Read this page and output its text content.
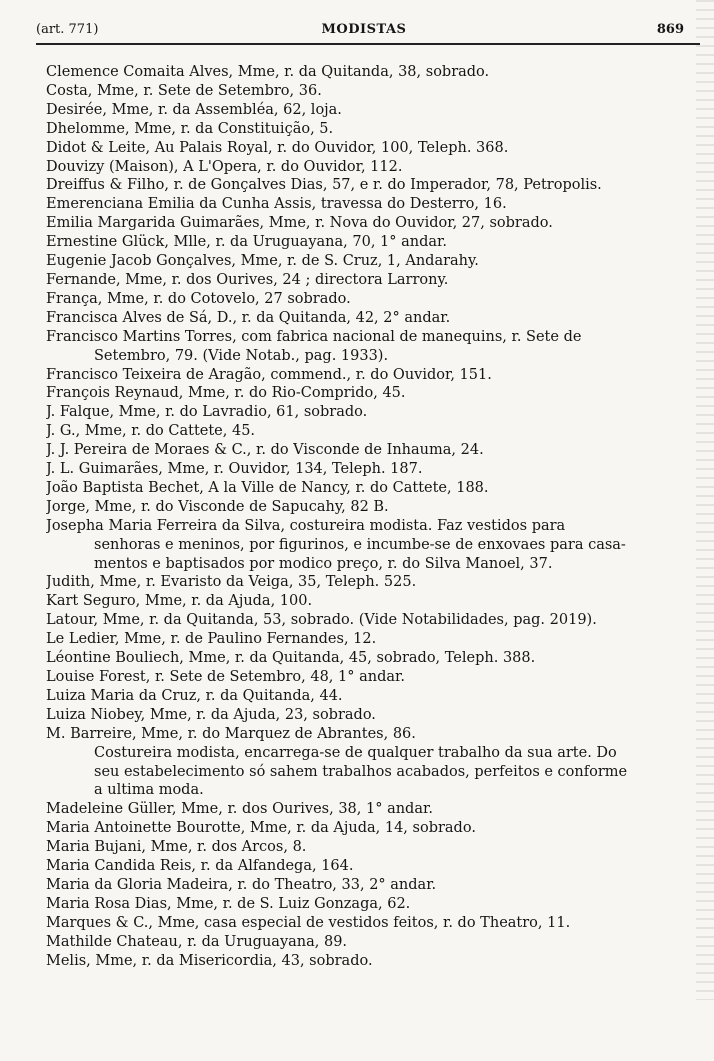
(art. 771)	MODISTAS	869
Clemence Comaita Alves, Mme, r. da Quitanda, 38, sobrado.
Costa, Mme, r. Sete de Setembro, 36.
Desirée, Mme, r. da Assembléa, 62, loja.
Dhelomme, Mme, r. da Constituição, 5.
Didot & Leite, Au Palais Royal, r. do Ouvidor, 100, Teleph. 368.
Douvizy (Maison), A L'Opera, r. do Ouvidor, 112.
Dreiffus & Filho, r. de Gonçalves Dias, 57, e r. do Imperador, 78, Petropolis.
Emerenciana Emilia da Cunha Assis, travessa do Desterro, 16.
Emilia Margarida Guimarães, Mme, r. Nova do Ouvidor, 27, sobrado.
Ernestine Glück, Mlle, r. da Uruguayana, 70, 1° andar.
Eugenie Jacob Gonçalves, Mme, r. de S. Cruz, 1, Andarahy.
Fernande, Mme, r. dos Ourives, 24 ; directora Larrony.
França, Mme, r. do Cotovelo, 27 sobrado.
Francisca Alves de Sá, D., r. da Quitanda, 42, 2° andar.
Francisco Martins Torres, com fabrica nacional de manequins, r. Sete de
Setembro, 79. (Vide Notab., pag. 1933).
Francisco Teixeira de Aragão, commend., r. do Ouvidor, 151.
François Reynaud, Mme, r. do Rio-Comprido, 45.
J. Falque, Mme, r. do Lavradio, 61, sobrado.
J. G., Mme, r. do Cattete, 45.
J. J. Pereira de Moraes & C., r. do Visconde de Inhauma, 24.
J. L. Guimarães, Mme, r. Ouvidor, 134, Teleph. 187.
João Baptista Bechet, A la Ville de Nancy, r. do Cattete, 188.
Jorge, Mme, r. do Visconde de Sapucahy, 82 B.
Josepha Maria Ferreira da Silva, costureira modista. Faz vestidos para
senhoras e meninos, por figurinos, e incumbe-se de enxovaes para casa-
mentos e baptisados por modico preço, r. do Silva Manoel, 37.
Judith, Mme, r. Evaristo da Veiga, 35, Teleph. 525.
Kart Seguro, Mme, r. da Ajuda, 100.
Latour, Mme, r. da Quitanda, 53, sobrado. (Vide Notabilidades, pag. 2019).
Le Ledier, Mme, r. de Paulino Fernandes, 12.
Léontine Bouliech, Mme, r. da Quitanda, 45, sobrado, Teleph. 388.
Louise Forest, r. Sete de Setembro, 48, 1° andar.
Luiza Maria da Cruz, r. da Quitanda, 44.
Luiza Niobey, Mme, r. da Ajuda, 23, sobrado.
M. Barreire, Mme, r. do Marquez de Abrantes, 86.
Costureira modista, encarrega-se de qualquer trabalho da sua arte. Do
seu estabelecimento só sahem trabalhos acabados, perfeitos e conforme
a ultima moda.
Madeleine Güller, Mme, r. dos Ourives, 38, 1° andar.
Maria Antoinette Bourotte, Mme, r. da Ajuda, 14, sobrado.
Maria Bujani, Mme, r. dos Arcos, 8.
Maria Candida Reis, r. da Alfandega, 164.
Maria da Gloria Madeira, r. do Theatro, 33, 2° andar.
Maria Rosa Dias, Mme, r. de S. Luiz Gonzaga, 62.
Marques & C., Mme, casa especial de vestidos feitos, r. do Theatro, 11.
Mathilde Chateau, r. da Uruguayana, 89.
Melis, Mme, r. da Misericordia, 43, sobrado.
